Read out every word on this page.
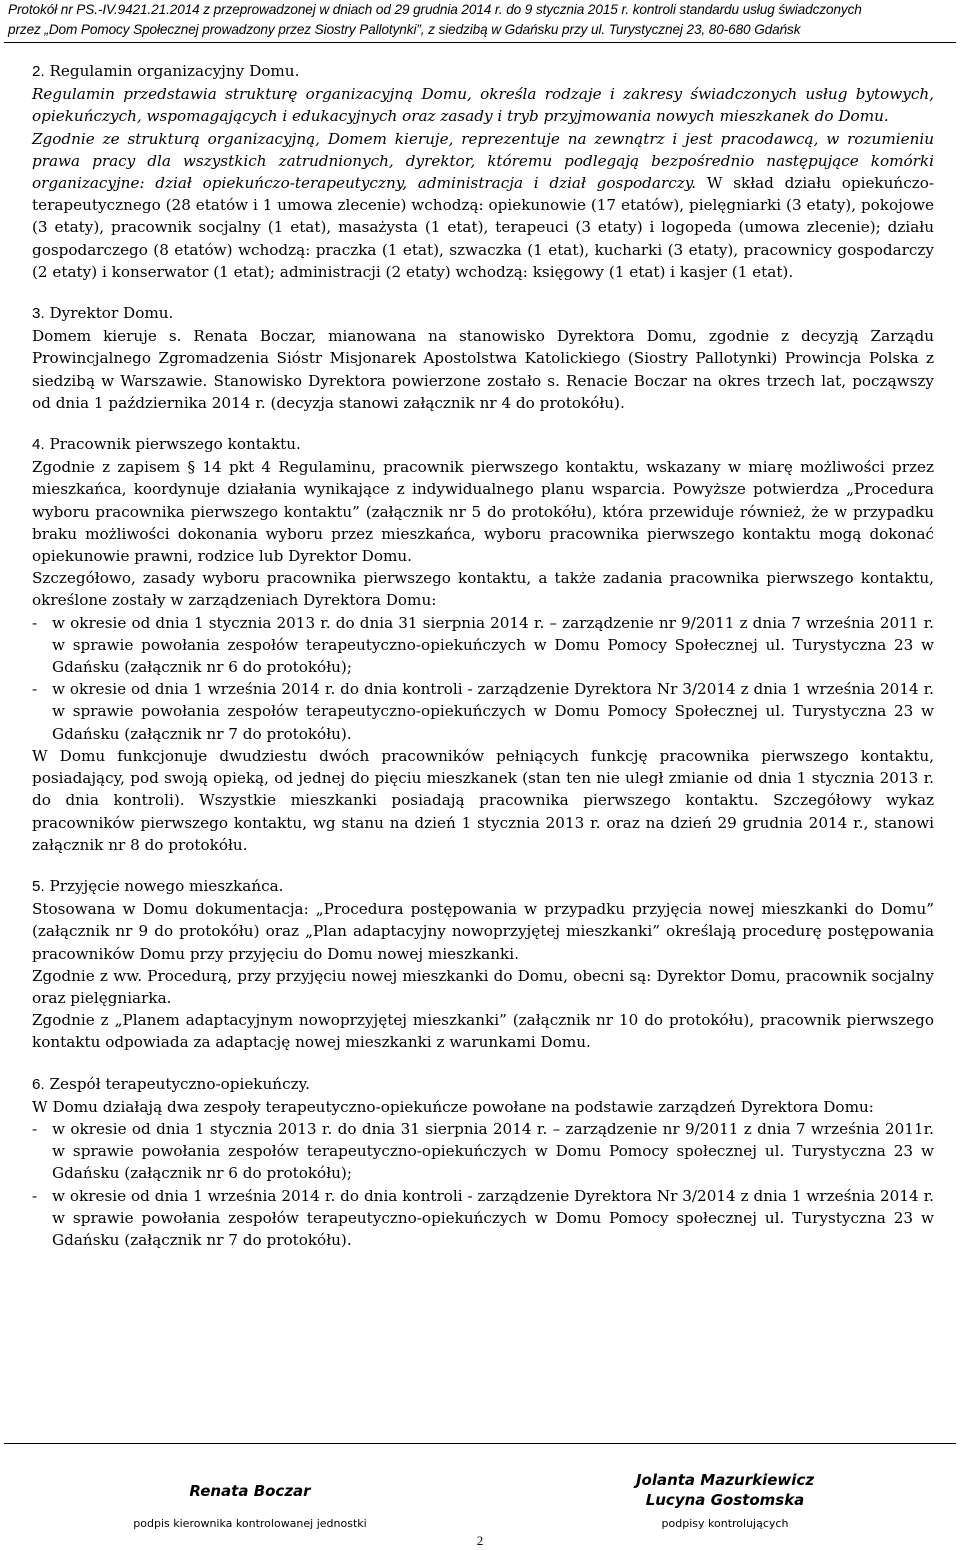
Protokół nr PS.-IV.9421.21.2014 z przeprowadzonej w dniach od 29 grudnia 2014 r. do 9 stycznia 2015 r. kontroli standardu usług świadczonych
przez „Dom Pomocy Społecznej prowadzony przez Siostry Pallotynki”, z siedzibą w Gdańsku przy ul. Turystycznej 23, 80-680 Gdańsk
2. Regulamin organizacyjny Domu.

Regulamin przedstawia strukturę organizacyjną Domu, określa rodzaje i zakresy świadczonych usług bytowych, opiekuńczych, wspomagających i edukacyjnych oraz zasady i tryb przyjmowania nowych mieszkanek do Domu.

Zgodnie ze strukturą organizacyjną, Domem kieruje, reprezentuje na zewnątrz i jest pracodawcą, w rozumieniu prawa pracy dla wszystkich zatrudnionych, dyrektor, któremu podlegają bezpośrednio następujące komórki organizacyjne: dział opiekuńczo-terapeutyczny, administracja i dział gospodarczy. W skład działu opiekuńczo-terapeutycznego (28 etatów i 1 umowa zlecenie) wchodzą: opiekunowie (17 etatów), pielęgniarki (3 etaty), pokojowe (3 etaty), pracownik socjalny (1 etat), masażysta (1 etat), terapeuci (3 etaty) i logopeda (umowa zlecenie); działu gospodarczego (8 etatów) wchodzą: praczka (1 etat), szwaczka (1 etat), kucharki (3 etaty), pracownicy gospodarczy (2 etaty) i konserwator (1 etat); administracji (2 etaty) wchodzą: księgowy (1 etat) i kasjer (1 etat).

3. Dyrektor Domu.

Domem kieruje s. Renata Boczar, mianowana na stanowisko Dyrektora Domu, zgodnie z decyzją Zarządu Prowincjalnego Zgromadzenia Sióstr Misjonarek Apostolstwa Katolickiego (Siostry Pallotynki) Prowincja Polska z siedzibą w Warszawie. Stanowisko Dyrektora powierzone zostało s. Renacie Boczar na okres trzech lat, począwszy od dnia 1 października 2014 r. (decyzja stanowi załącznik nr 4 do protokółu).

4. Pracownik pierwszego kontaktu.

Zgodnie z zapisem § 14 pkt 4 Regulaminu, pracownik pierwszego kontaktu, wskazany w miarę możliwości przez mieszkańca, koordynuje działania wynikające z indywidualnego planu wsparcia. Powyższe potwierdza „Procedura wyboru pracownika pierwszego kontaktu” (załącznik nr 5 do protokółu), która przewiduje również, że w przypadku braku możliwości dokonania wyboru przez mieszkańca, wyboru pracownika pierwszego kontaktu mogą dokonać opiekunowie prawni, rodzice lub Dyrektor Domu.

Szczegółowo, zasady wyboru pracownika pierwszego kontaktu, a także zadania pracownika pierwszego kontaktu, określone zostały w zarządzeniach Dyrektora Domu:

- w okresie od dnia 1 stycznia 2013 r. do dnia 31 sierpnia 2014 r. – zarządzenie nr 9/2011 z dnia 7 września 2011 r. w sprawie powołania zespołów terapeutyczno-opiekuńczych w Domu Pomocy Społecznej ul. Turystyczna 23 w Gdańsku (załącznik nr 6 do protokółu);
- w okresie od dnia 1 września 2014 r. do dnia kontroli - zarządzenie Dyrektora Nr 3/2014 z dnia 1 września 2014 r. w sprawie powołania zespołów terapeutyczno-opiekuńczych w Domu Pomocy Społecznej ul. Turystyczna 23 w Gdańsku (załącznik nr 7 do protokółu).

W Domu funkcjonuje dwudziestu dwóch pracowników pełniących funkcję pracownika pierwszego kontaktu, posiadający, pod swoją opieką, od jednej do pięciu mieszkanek (stan ten nie uległ zmianie od dnia 1 stycznia 2013 r. do dnia kontroli). Wszystkie mieszkanki posiadają pracownika pierwszego kontaktu. Szczegółowy wykaz pracowników pierwszego kontaktu, wg stanu na dzień 1 stycznia 2013 r. oraz na dzień 29 grudnia 2014 r., stanowi załącznik nr 8 do protokółu.

5. Przyjęcie nowego mieszkańca.

Stosowana w Domu dokumentacja: „Procedura postępowania w przypadku przyjęcia nowej mieszkanki do Domu” (załącznik nr 9 do protokółu) oraz „Plan adaptacyjny nowoprzyjętej mieszkanki” określają procedurę postępowania pracowników Domu przy przyjęciu do Domu nowej mieszkanki.

Zgodnie z ww. Procedurą, przy przyjęciu nowej mieszkanki do Domu, obecni są: Dyrektor Domu, pracownik socjalny oraz pielęgniarka.

Zgodnie z „Planem adaptacyjnym nowoprzyjętej mieszkanki” (załącznik nr 10 do protokółu), pracownik pierwszego kontaktu odpowiada za adaptację nowej mieszkanki z warunkami Domu.

6. Zespół terapeutyczno-opiekuńczy.

W Domu działają dwa zespoły terapeutyczno-opiekuńcze powołane na podstawie zarządzeń Dyrektora Domu:

- w okresie od dnia 1 stycznia 2013 r. do dnia 31 sierpnia 2014 r. – zarządzenie nr 9/2011 z dnia 7 września 2011r. w sprawie powołania zespołów terapeutyczno-opiekuńczych w Domu Pomocy społecznej ul. Turystyczna 23 w Gdańsku (załącznik nr 6 do protokółu);
- w okresie od dnia 1 września 2014 r. do dnia kontroli - zarządzenie Dyrektora Nr 3/2014 z dnia 1 września 2014 r. w sprawie powołania zespołów terapeutyczno-opiekuńczych w Domu Pomocy społecznej ul. Turystyczna 23 w Gdańsku (załącznik nr 7 do protokółu).
Renata Boczar
podpis kierownika kontrolowanej jednostki
Jolanta Mazurkiewicz
Lucyna Gostomska
podpisy kontrolujących
2
